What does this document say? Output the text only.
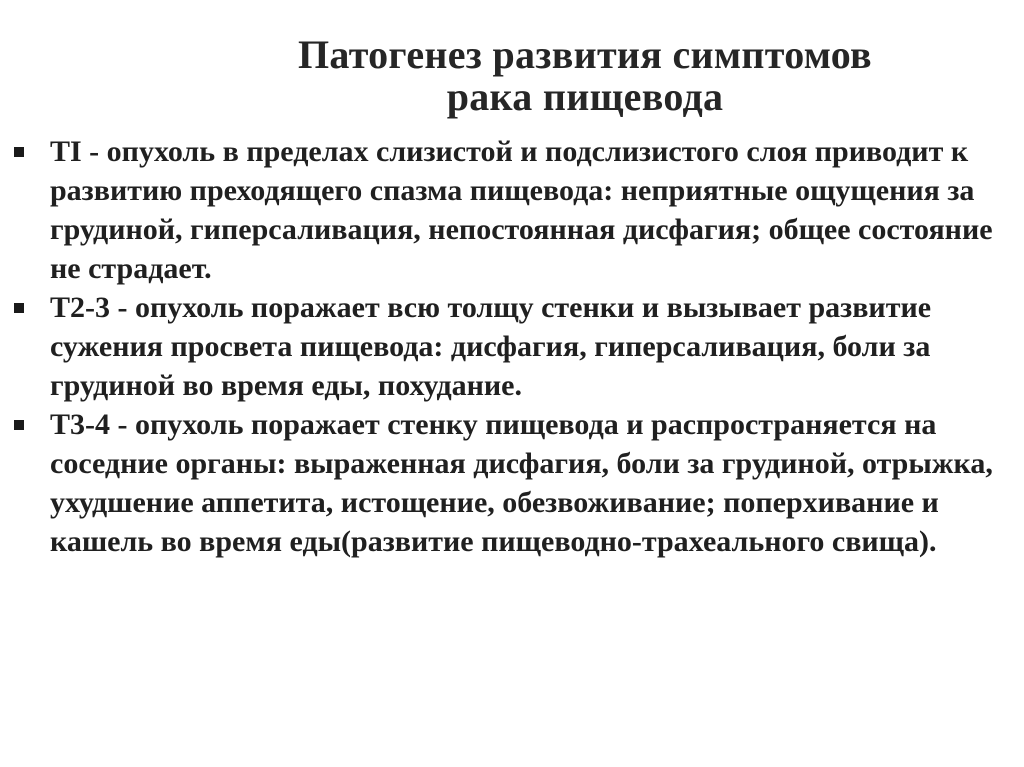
Патогенез развития симптомов
рака пищевода
TI - опухоль в пределах слизистой и подслизистого слоя приводит к развитию преходящего спазма пищевода: неприятные ощущения за грудиной, гиперсаливация, непостоянная дисфагия; общее состояние не страдает.
T2-3 - опухоль поражает всю толщу стенки и вызывает развитие сужения просвета пищевода: дисфагия, гиперсаливация, боли за грудиной во время еды, похудание.
T3-4 - опухоль поражает стенку пищевода и распространяется на соседние органы: выраженная дисфагия, боли за грудиной, отрыжка, ухудшение аппетита, истощение, обезвоживание; поперхивание и кашель во время еды(развитие пищеводно-трахеального свища).
